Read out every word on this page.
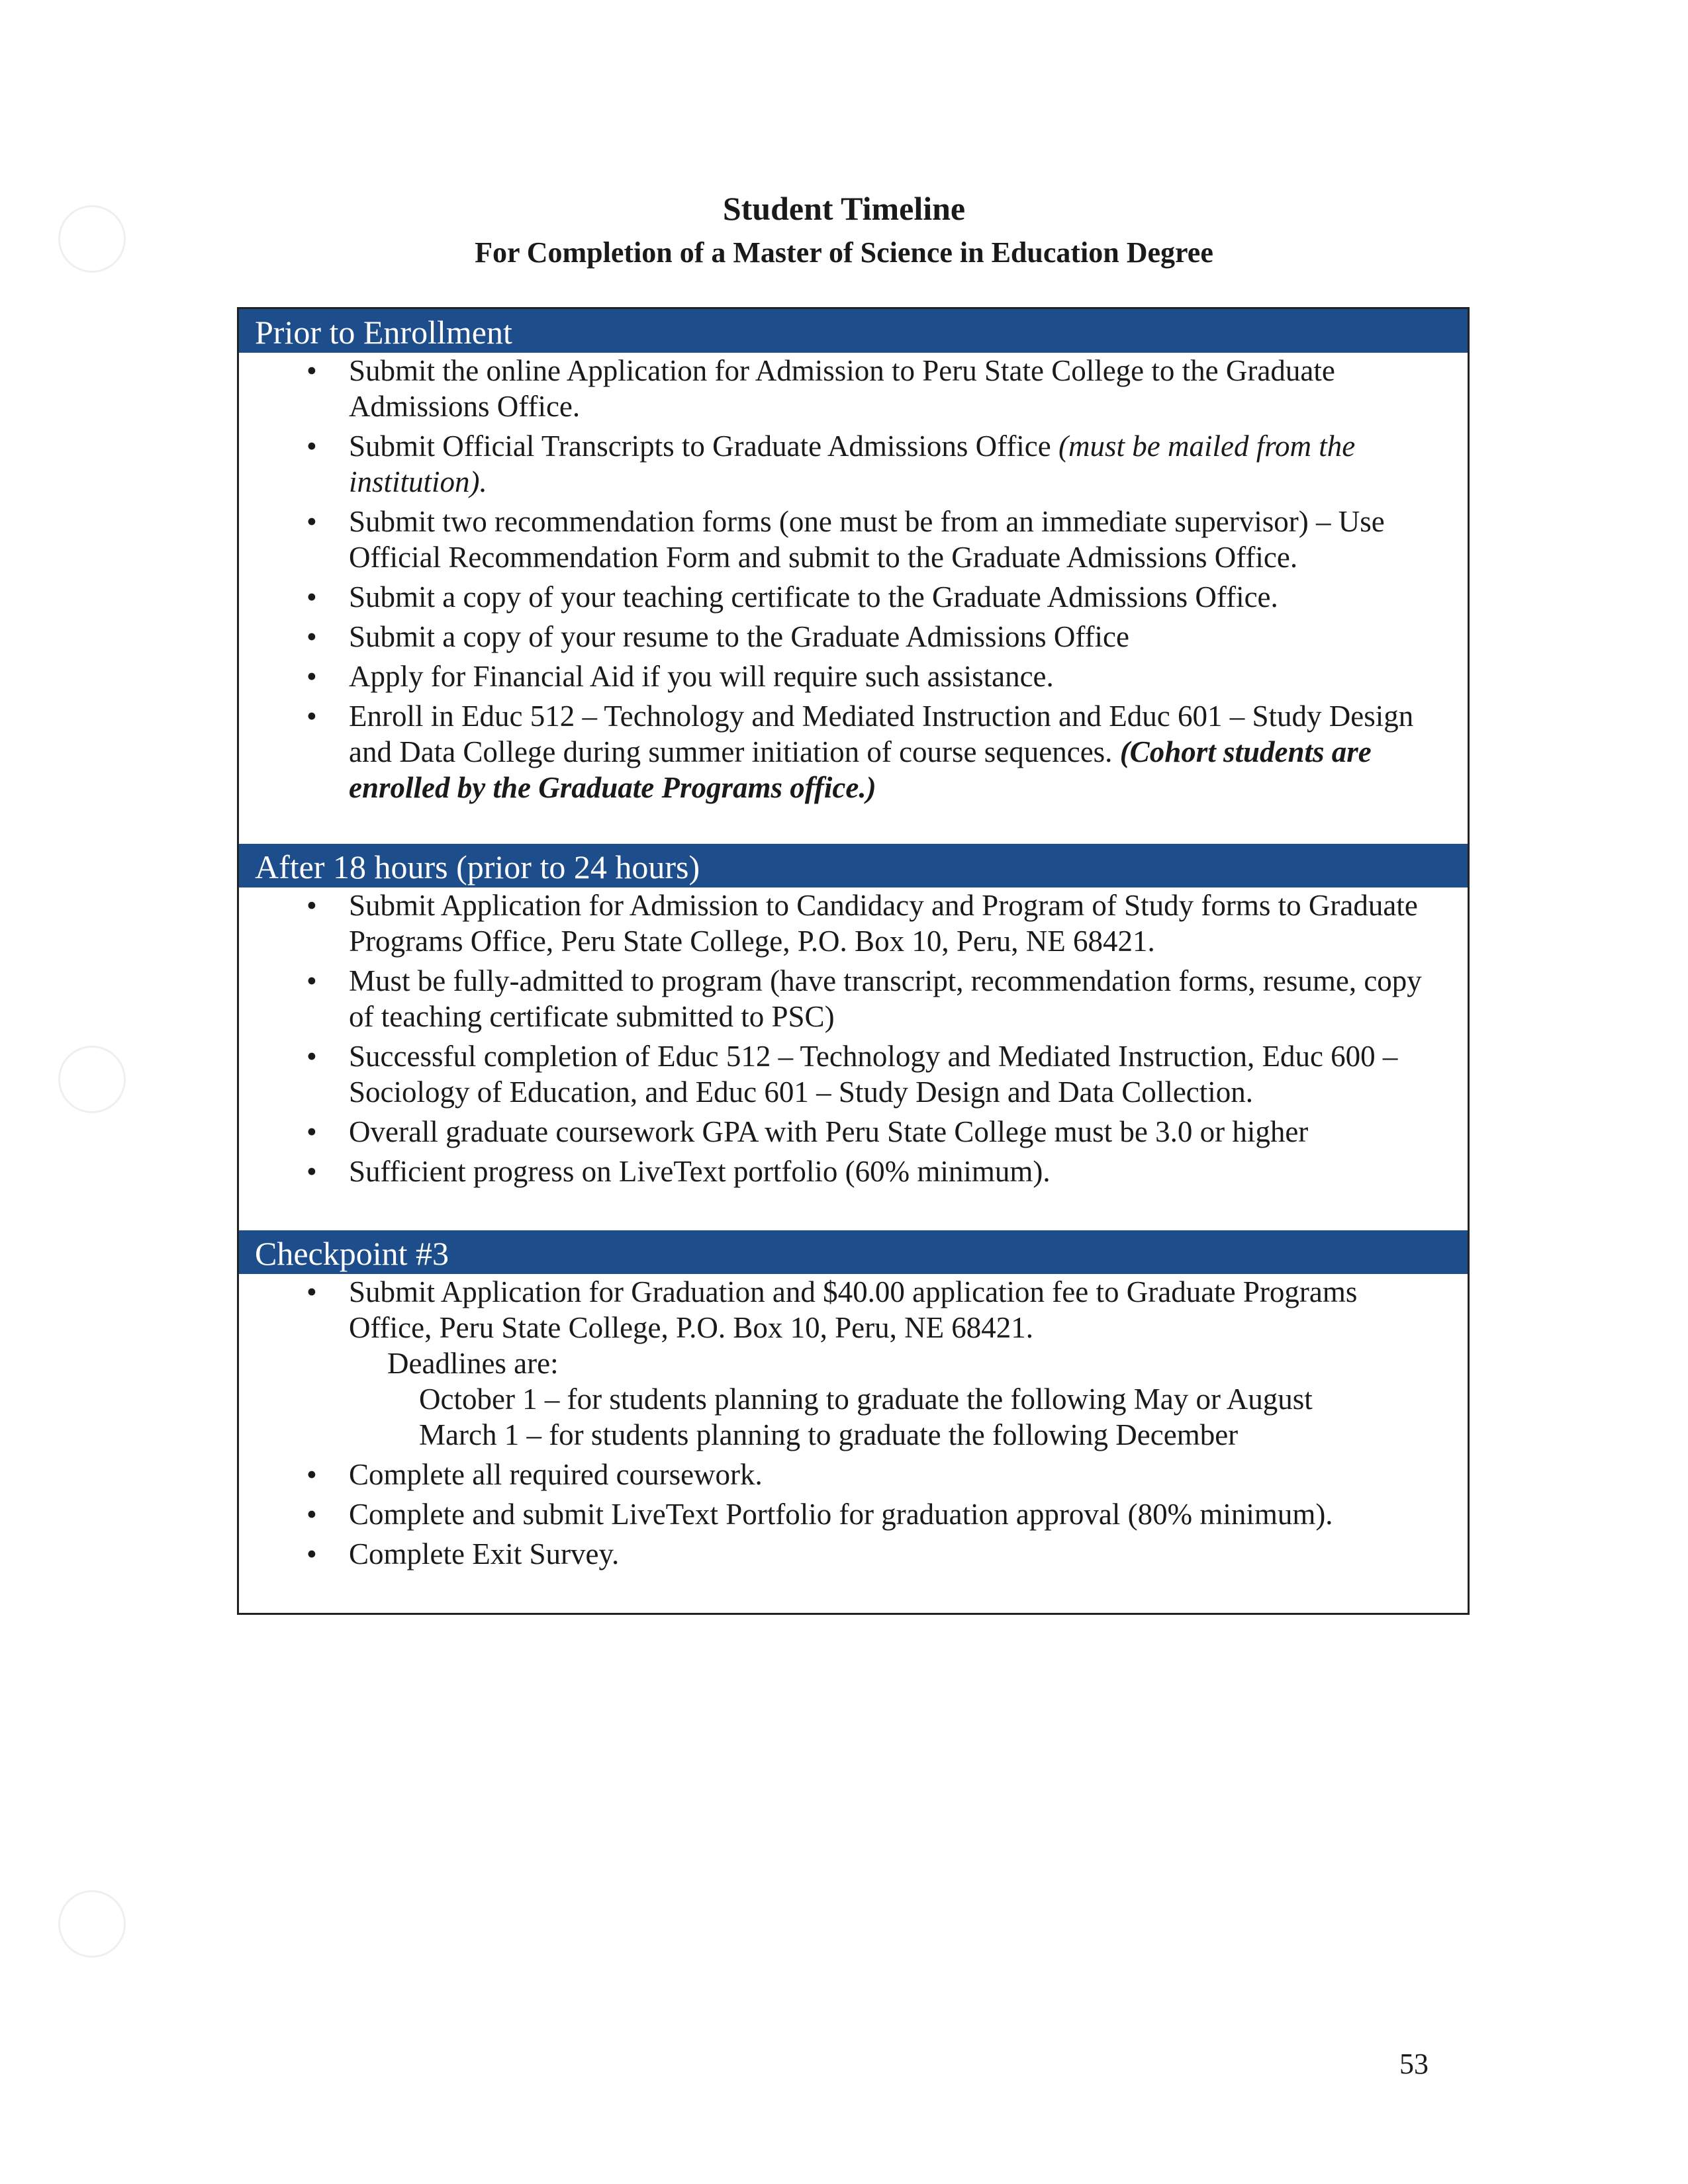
Student Timeline
For Completion of a Master of Science in Education Degree
Prior to Enrollment
• Submit the online Application for Admission to Peru State College to the Graduate Admissions Office.
• Submit Official Transcripts to Graduate Admissions Office (must be mailed from the institution).
• Submit two recommendation forms (one must be from an immediate supervisor) – Use Official Recommendation Form and submit to the Graduate Admissions Office.
• Submit a copy of your teaching certificate to the Graduate Admissions Office.
• Submit a copy of your resume to the Graduate Admissions Office
• Apply for Financial Aid if you will require such assistance.
• Enroll in Educ 512 – Technology and Mediated Instruction and Educ 601 – Study Design and Data College during summer initiation of course sequences. (Cohort students are enrolled by the Graduate Programs office.)
After 18 hours (prior to 24 hours)
• Submit Application for Admission to Candidacy and Program of Study forms to Graduate Programs Office, Peru State College, P.O. Box 10, Peru, NE 68421.
• Must be fully-admitted to program (have transcript, recommendation forms, resume, copy of teaching certificate submitted to PSC)
• Successful completion of Educ 512 – Technology and Mediated Instruction, Educ 600 – Sociology of Education, and Educ 601 – Study Design and Data Collection.
• Overall graduate coursework GPA with Peru State College must be 3.0 or higher
• Sufficient progress on LiveText portfolio (60% minimum).
Checkpoint #3
• Submit Application for Graduation and $40.00 application fee to Graduate Programs Office, Peru State College, P.O. Box 10, Peru, NE 68421.
Deadlines are:
October 1 – for students planning to graduate the following May or August
March 1 – for students planning to graduate the following December
• Complete all required coursework.
• Complete and submit LiveText Portfolio for graduation approval (80% minimum).
• Complete Exit Survey.
53
